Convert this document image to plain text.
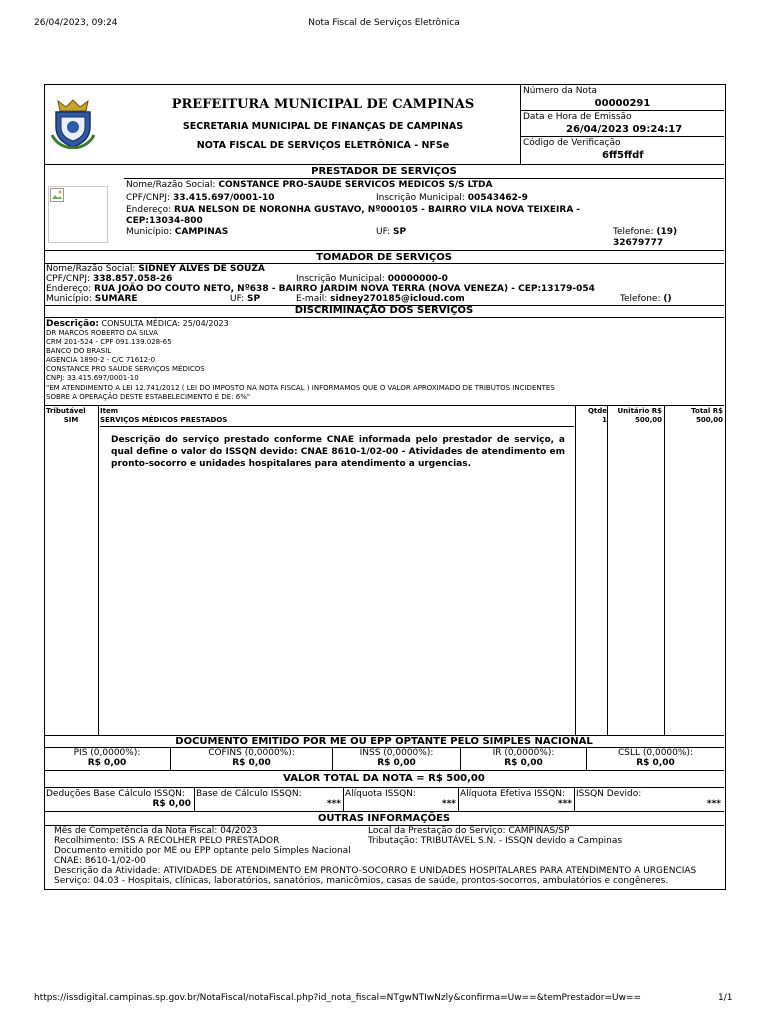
26/04/2023, 09:24	Nota Fiscal de Serviços Eletrônica
PREFEITURA MUNICIPAL DE CAMPINAS
SECRETARIA MUNICIPAL DE FINANÇAS DE CAMPINAS
NOTA FISCAL DE SERVIÇOS ELETRÔNICA - NFSe
Número da Nota
00000291
Data e Hora de Emissão
26/04/2023 09:24:17
Código de Verificação
6ff5ffdf
PRESTADOR DE SERVIÇOS
Nome/Razão Social: CONSTANCE PRO-SAUDE SERVICOS MEDICOS S/S LTDA
CPF/CNPJ: 33.415.697/0001-10	Inscrição Municipal: 00543462-9
Endereço: RUA NELSON DE NORONHA GUSTAVO, Nº000105 - BAIRRO VILA NOVA TEIXEIRA -
CEP:13034-800
Município: CAMPINAS	UF: SP	Telefone: (19)
32679777
TOMADOR DE SERVIÇOS
Nome/Razão Social: SIDNEY ALVES DE SOUZA
CPF/CNPJ: 338.857.058-26	Inscrição Municipal: 00000000-0
Endereço: RUA JOÃO DO COUTO NETO, Nº638 - BAIRRO JARDIM NOVA TERRA (NOVA VENEZA) - CEP:13179-054
Município: SUMARE	UF: SP	E-mail: sidney270185@icloud.com	Telefone: ()
DISCRIMINAÇÃO DOS SERVIÇOS
Descrição: CONSULTA MÉDICA: 25/04/2023
DR MARCOS ROBERTO DA SILVA
CRM 201-524 - CPF 091.139.028-65
BANCO DO BRASIL
AGENCIA 1890-2 - C/C 71612-0
CONSTANCE PRO SAUDE SERVIÇOS MÉDICOS
CNPJ: 33.415.697/0001-10
"EM ATENDIMENTO A LEI 12.741/2012 ( LEI DO IMPOSTO NA NOTA FISCAL ) INFORMAMOS QUE O VALOR APROXIMADO DE TRIBUTOS INCIDENTES
SOBRE A OPERAÇÃO DESTE ESTABELECIMENTO É DE: 6%"
Tributável Item	Qtde	Unitário R$	Total R$
SIM	SERVIÇOS MÉDICOS PRESTADOS	1	500,00	500,00
Descrição do serviço prestado conforme CNAE informada pelo prestador de serviço, a qual define o valor do ISSQN devido: CNAE 8610-1/02-00 - Atividades de atendimento em pronto-socorro e unidades hospitalares para atendimento a urgencias.
DOCUMENTO EMITIDO POR ME OU EPP OPTANTE PELO SIMPLES NACIONAL
PIS (0,0000%):
R$ 0,00
COFINS (0,0000%):
R$ 0,00
INSS (0,0000%):
R$ 0,00
IR (0,0000%):
R$ 0,00
CSLL (0,0000%):
R$ 0,00
VALOR TOTAL DA NOTA = R$ 500,00
Deduções Base Cálculo ISSQN:
R$ 0,00
Base de Cálculo ISSQN:
***
Alíquota ISSQN:
***
Alíquota Efetiva ISSQN:
***
ISSQN Devido:
***
OUTRAS INFORMAÇÕES
Mês de Competência da Nota Fiscal: 04/2023	Local da Prestação do Serviço: CAMPINAS/SP
Recolhimento: ISS A RECOLHER PELO PRESTADOR	Tributação: TRIBUTÁVEL S.N. - ISSQN devido a Campinas
Documento emitido por ME ou EPP optante pelo Simples Nacional
CNAE: 8610-1/02-00
Descrição da Atividade: ATIVIDADES DE ATENDIMENTO EM PRONTO-SOCORRO E UNIDADES HOSPITALARES PARA ATENDIMENTO A URGENCIAS
Serviço: 04.03 - Hospitais, clínicas, laboratórios, sanatórios, manicômios, casas de saúde, prontos-socorros, ambulatórios e congêneres.
https://issdigital.campinas.sp.gov.br/NotaFiscal/notaFiscal.php?id_nota_fiscal=NTgwNTIwNzly&confirma=Uw==&temPrestador=Uw==	1/1
